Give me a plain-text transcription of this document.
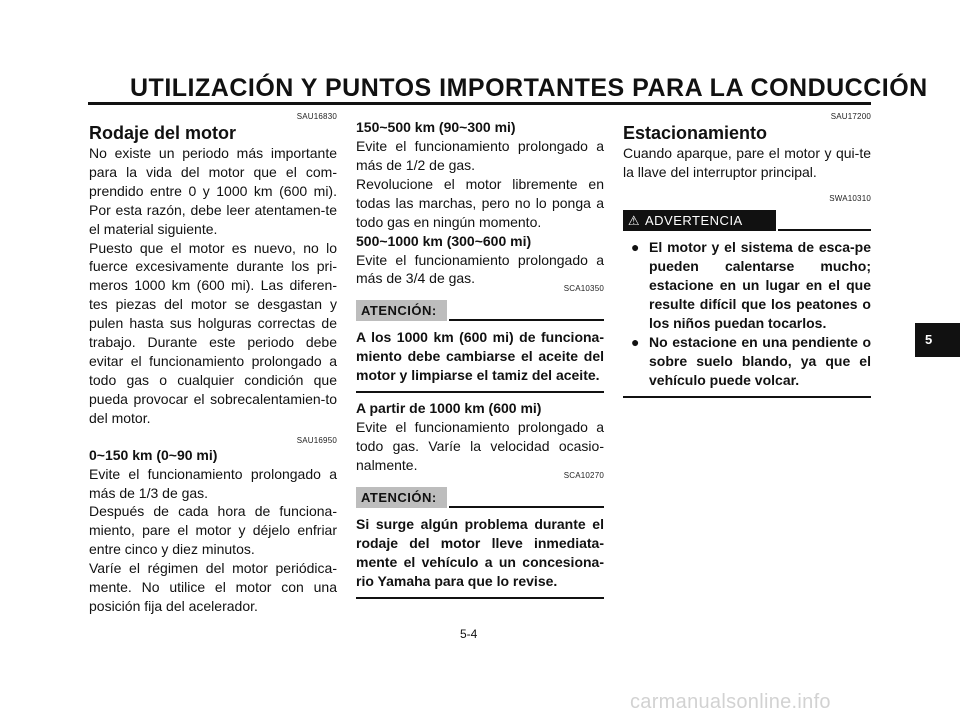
UTILIZACIÓN Y PUNTOS IMPORTANTES PARA LA CONDUCCIÓN
SAU16830
Rodaje del motor
No existe un periodo más importante para la vida del motor que el com-prendido entre 0 y 1000 km (600 mi). Por esta razón, debe leer atentamen-te el material siguiente.
Puesto que el motor es nuevo, no lo fuerce excesivamente durante los pri-meros 1000 km (600 mi). Las diferen-tes piezas del motor se desgastan y pulen hasta sus holguras correctas de trabajo. Durante este periodo debe evitar el funcionamiento prolongado a todo gas o cualquier condición que pueda provocar el sobrecalentamien-to del motor.
SAU16950
0~150 km (0~90 mi)
Evite el funcionamiento prolongado a más de 1/3 de gas.
Después de cada hora de funciona-miento, pare el motor y déjelo enfriar entre cinco y diez minutos.
Varíe el régimen del motor periódica-mente. No utilice el motor con una posición fija del acelerador.
150~500 km (90~300 mi)
Evite el funcionamiento prolongado a más de 1/2 de gas.
Revolucione el motor libremente en todas las marchas, pero no lo ponga a todo gas en ningún momento.
500~1000 km (300~600 mi)
Evite el funcionamiento prolongado a más de 3/4 de gas.
SCA10350
ATENCIÓN:
A los 1000 km (600 mi) de funciona-miento debe cambiarse el aceite del motor y limpiarse el tamiz del aceite.
A partir de 1000 km (600 mi)
Evite el funcionamiento prolongado a todo gas. Varíe la velocidad ocasio-nalmente.
SCA10270
ATENCIÓN:
Si surge algún problema durante el rodaje del motor lleve inmediata-mente el vehículo a un concesiona-rio Yamaha para que lo revise.
SAU17200
Estacionamiento
Cuando aparque, pare el motor y qui-te la llave del interruptor principal.
SWA10310
⚠ ADVERTENCIA
● El motor y el sistema de esca-pe pueden calentarse mucho; estacione en un lugar en el que resulte difícil que los peatones o los niños puedan tocarlos.
● No estacione en una pendiente o sobre suelo blando, ya que el vehículo puede volcar.
5
5-4
carmanualsonline.info
